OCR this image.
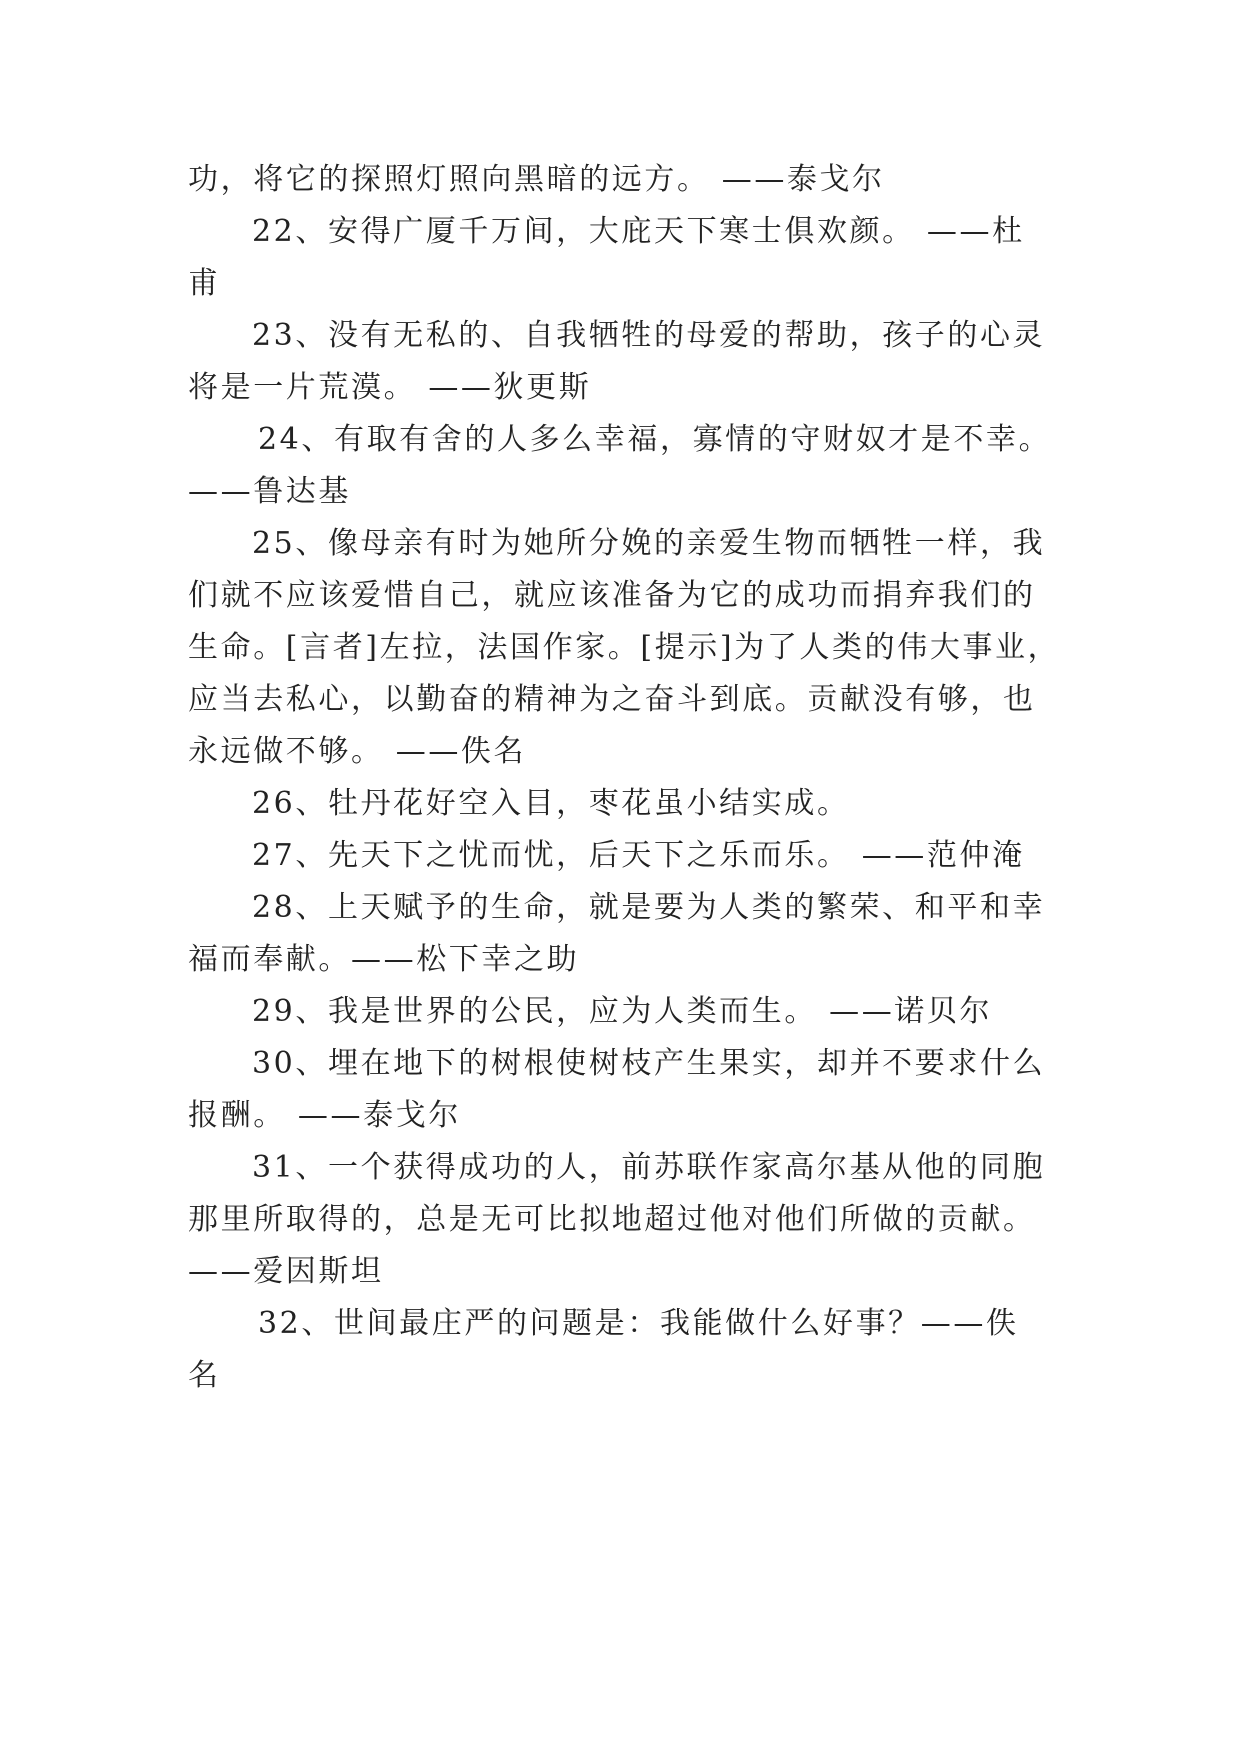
功，将它的探照灯照向黑暗的远方。 ——泰戈尔
22、安得广厦千万间，大庇天下寒士俱欢颜。 ——杜
甫
23、没有无私的、自我牺牲的母爱的帮助，孩子的心灵
将是一片荒漠。 ——狄更斯
24、有取有舍的人多么幸福，寡情的守财奴才是不幸。
——鲁达基
25、像母亲有时为她所分娩的亲爱生物而牺牲一样，我
们就不应该爱惜自己，就应该准备为它的成功而捐弃我们的
生命。[言者]左拉，法国作家。[提示]为了人类的伟大事业，
应当去私心，以勤奋的精神为之奋斗到底。贡献没有够，也
永远做不够。 ——佚名
26、牡丹花好空入目，枣花虽小结实成。
27、先天下之忧而忧，后天下之乐而乐。 ——范仲淹
28、上天赋予的生命，就是要为人类的繁荣、和平和幸
福而奉献。——松下幸之助
29、我是世界的公民，应为人类而生。 ——诺贝尔
30、埋在地下的树根使树枝产生果实，却并不要求什么
报酬。 ——泰戈尔
31、一个获得成功的人，前苏联作家高尔基从他的同胞
那里所取得的，总是无可比拟地超过他对他们所做的贡献。
——爱因斯坦
32、世间最庄严的问题是：我能做什么好事？——佚
名
